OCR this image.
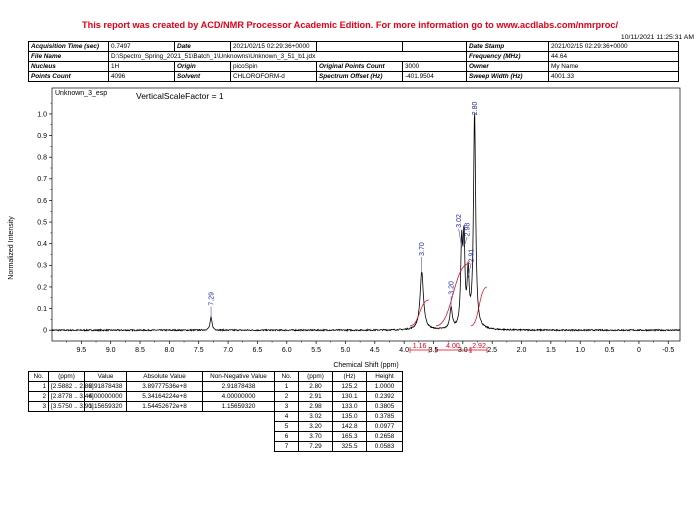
This report was created by ACD/NMR Processor Academic Edition. For more information go to www.acdlabs.com/nmrproc/
10/11/2021 11:25:31 AM
Acquisition Time (sec)	0.7497	Date	2021/02/15 02:29:36+0000			Date Stamp	2021/02/15 02:29:36+0000
File Name	D:\Spectro_Spring_2021_51\Batch_1\Unknowns\Unknown_3_51_b1.jdx					Frequency (MHz)	44.64
Nucleus	1H	Origin	picoSpin	Original Points Count	3000	Owner	My Name
Points Count	4096	Solvent	CHLOROFORM-d	Spectrum Offset (Hz)	-401.9504	Sweep Width (Hz)	4001.33
0
0.1
0.2
0.3
0.4
0.5
0.6
0.7
0.8
0.9
1.0
9.5	9.0	8.5	8.0	7.5	7.0	6.5	6.0	5.5	5.0	4.5	4.0	3.5	3.0	2.5	2.0	1.5	1.0	0.5	0	-0.5
1.16	4.00 2.92
2.80
2.91
2.98
3.02
3.20
3.70
7.29
Unknown_3_esp	VerticalScaleFactor = 1
Chemical Shift (ppm)
Normalized Intensity
No.	(ppm)	Value	Absolute Value	Non-Negative Value
1	[2.5882 .. 2.86]	2.91878438	3.89777536e+8	2.91878438
2	[2.8778 .. 3.46]	4.00000000	5.34164224e+8	4.00000000
3	[3.5750 .. 3.90]	1.15659320	1.54452672e+8	1.15659320
No.	(ppm)	(Hz)	Height
1	2.80	125.2	1.0000
2	2.91	130.1	0.2392
3	2.98	133.0	0.3805
4	3.02	135.0	0.3785
5	3.20	142.8	0.0977
6	3.70	165.3	0.2658
7	7.29	325.5	0.0583
